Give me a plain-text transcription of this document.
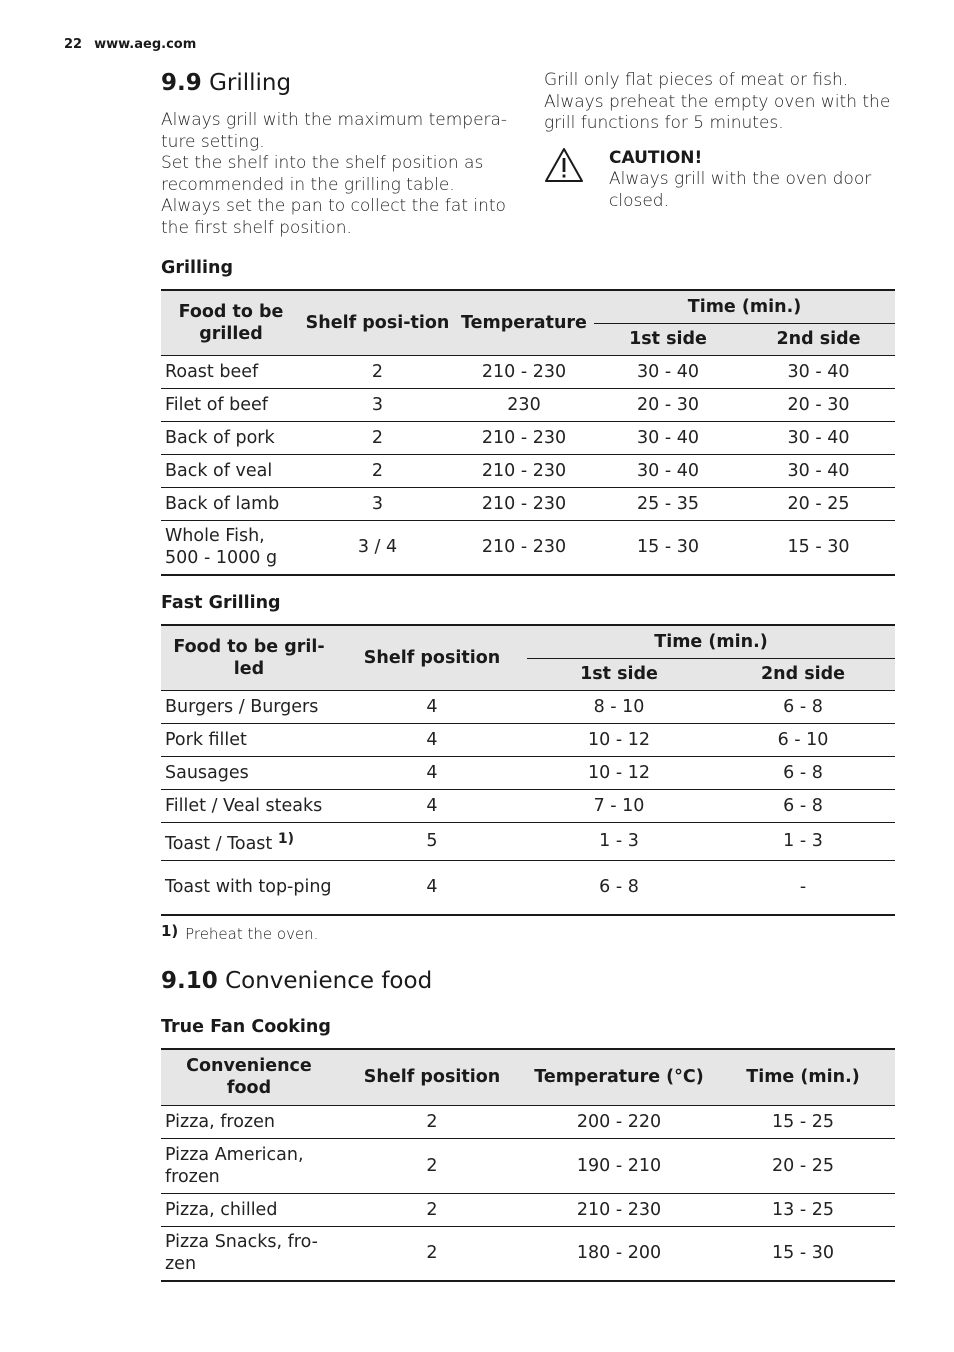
22 www.aeg.com
9.9 Grilling

Always grill with the maximum tempera-ture setting.

Set the shelf into the shelf position as recommended in the grilling table.

Always set the pan to collect the fat into the first shelf position.

Grill only flat pieces of meat or fish.

Always preheat the empty oven with the grill functions for 5 minutes.

CAUTION!

Always grill with the oven door closed.

Grilling
Food to be grilled	Shelf posi-tion	Temperature	Time (min.)	
			1st side	2nd side
Roast beef	2	210 - 230	30 - 40	30 - 40
Filet of beef	3	230	20 - 30	20 - 30
Back of pork	2	210 - 230	30 - 40	30 - 40
Back of veal	2	210 - 230	30 - 40	30 - 40
Back of lamb	3	210 - 230	25 - 35	20 - 25
Whole Fish, 500 - 1000 g	3 / 4	210 - 230	15 - 30	15 - 30
Fast Grilling
Food to be gril-led	Shelf position	Time (min.)	
		1st side	2nd side
Burgers / Burgers	4	8 - 10	6 - 8
Pork fillet	4	10 - 12	6 - 10
Sausages	4	10 - 12	6 - 8
Fillet / Veal steaks	4	7 - 10	6 - 8
Toast / Toast $^{1)}$	5	1 - 3	1 - 3
Toast with top-ping	4	6 - 8	-
1) Preheat the oven.
9.10 Convenience food
True Fan Cooking
Convenience food	Shelf position	Temperature (°C)	Time (min.)
Pizza, frozen	2	200 - 220	15 - 25
Pizza American, frozen	2	190 - 210	20 - 25
Pizza, chilled	2	210 - 230	13 - 25
Pizza Snacks, fro-zen	2	180 - 200	15 - 30
